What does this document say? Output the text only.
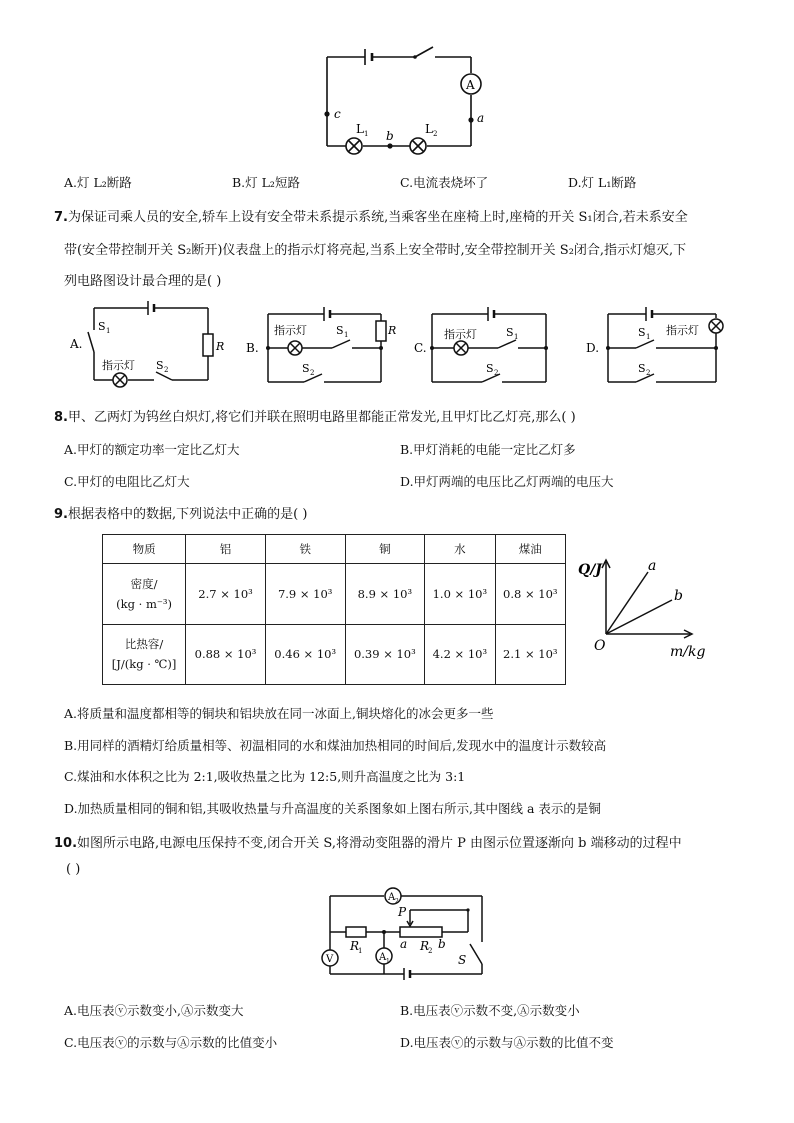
A
c	a
b
L 1	L 2
A.灯 L₂断路	B.灯 L₂短路	C.电流表烧坏了	D.灯 L₁断路
7.为保证司乘人员的安全,轿车上设有安全带未系提示系统,当乘客坐在座椅上时,座椅的开关 S₁闭合,若未系安全
带(安全带控制开关 S₂断开)仪表盘上的指示灯将亮起,当系上安全带时,安全带控制开关 S₂闭合,指示灯熄灭,下
列电路图设计最合理的是( )
A.
S 1
指示灯 S 2
R B.
指示灯	S 1	R
S 2
C.
指示灯	S 1
S 2
D.
S 1 指示灯
S 2
8.甲、乙两灯为钨丝白炽灯,将它们并联在照明电路里都能正常发光,且甲灯比乙灯亮,那么( )
A.甲灯的额定功率一定比乙灯大	B.甲灯消耗的电能一定比乙灯多
C.甲灯的电阻比乙灯大	D.甲灯两端的电压比乙灯两端的电压大
9.根据表格中的数据,下列说法中正确的是( )
物质	铝	铁	铜	水	煤油

密度/
(kg · m⁻³)	2.7 × 10³	7.9 × 10³	8.9 × 10³	1.0 × 10³	0.8 × 10³

比热容/
[J/(kg · ℃)]	0.88 × 10³	0.46 × 10³	0.39 × 10³	4.2 × 10³	2.1 × 10³
Q/J
m/kg
O
a
b
A.将质量和温度都相等的铜块和铝块放在同一冰面上,铜块熔化的冰会更多一些
B.用同样的酒精灯给质量相等、初温相同的水和煤油加热相同的时间后,发现水中的温度计示数较高
C.煤油和水体积之比为 2:1,吸收热量之比为 12:5,则升高温度之比为 3:1
D.加热质量相同的铜和铝,其吸收热量与升高温度的关系图象如上图右所示,其中图线 a 表示的是铜
10.如图所示电路,电源电压保持不变,闭合开关 S,将滑动变阻器的滑片 P 由图示位置逐渐向 b 端移动的过程中
( )
A 2
V	A 1
P
R
1	a R
2 b
S
A.电压表ⓥ示数变小,Ⓐ示数变大	B.电压表ⓥ示数不变,Ⓐ示数变小
C.电压表ⓥ的示数与Ⓐ示数的比值变小	D.电压表ⓥ的示数与Ⓐ示数的比值不变
